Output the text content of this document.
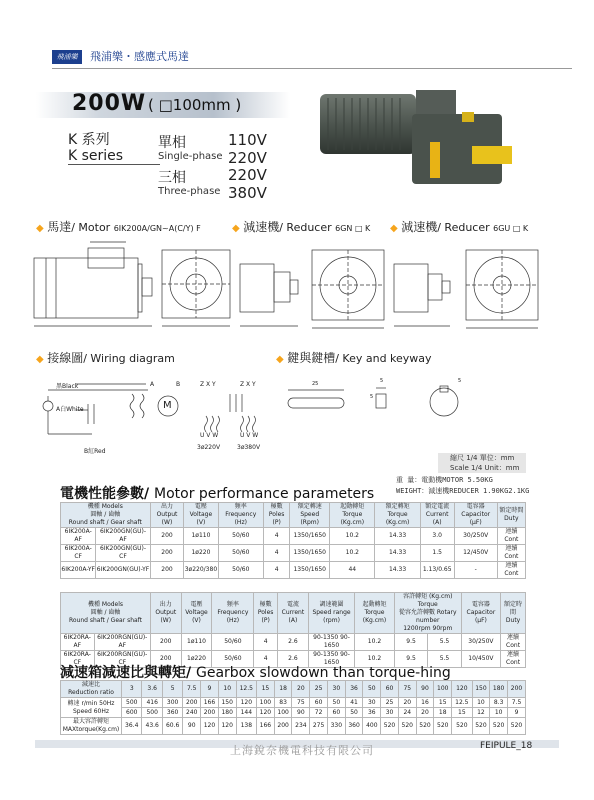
飛浦樂	飛浦樂・感應式馬達
200W ( □100mm )
K 系列
K series
單相
Single-phase
三相
Three-phase
110V
220V
220V
380V
◆ 馬達/ Motor 6IK200A/GN~A(C/Y) F	◆ 減速機/ Reducer 6GN □ K ◆ 減速機/ Reducer 6GU □ K
◆ 接線圖/ Wiring diagram	◆ 鍵與鍵槽/ Key and keyway
黑Black
A白White
B紅Red
A	B
M
Z X Y	Z X Y
U V W	U V W
3ø220V	3ø380V
25	5
5
5
縮尺 1/4 單位：mm
Scale 1/4 Unit：mm
重 量：電動機MOTOR 5.50KG
WEIGHT：減速機REDUCER 1.90KG2.1KG
電機性能參數/ Motor performance parameters
機種 Models
圓軸 / 齒軸
Round shaft / Gear shaft		出力
Output (W)	電壓
Voltage (V)	頻率
Frequency (Hz)	極數
Poles (P)	額定轉速
Speed (Rpm)	起動轉矩
Torque (Kg.cm)	額定轉矩
Torque (Kg.cm)	額定電流
Current (A)	電容器
Capacitor (μF)	額定時間
Duty
6IK200A-AF	6IK200GN(GU)-AF	200	1ø110	50/60	4	1350/1650	10.2	14.33	3.0	30/250V	連續 Cont
6IK200A-CF	6IK200GN(GU)-CF	200	1ø220	50/60	4	1350/1650	10.2	14.33	1.5	12/450V	連續 Cont
6IK200A-YF	6IK200GN(GU)-YF	200	3ø220/380	50/60	4	1350/1650	44	14.33	1.13/0.65	-	連續 Cont
機種 Models
圓軸 / 齒軸
Round shaft / Gear shaft		出力
Output (W)	電壓
Voltage (V)	頻率
Frequency (Hz)	極數
Poles (P)	電流
Current (A)	調速範圍
Speed range (rpm)	起動轉矩
Torque (Kg.cm)	容許轉矩 (Kg.cm) Torque
從容允許轉數 Rotary number
1200rpm 90rpm		電容器
Capacitor (μF)	額定時間
Duty
6IK20RA-AF	6IK200RGN(GU)-AF	200	1ø110	50/60	4	2.6	90-1350 90-1650	10.2	9.5	5.5	30/250V	連續 Cont
6IK20RA-CF	6IK200RGN(GU)-CF	200	1ø220	50/60	4	2.6	90-1350 90-1650	10.2	9.5	5.5	10/450V	連續 Cont
減速箱減速比與轉矩/ Gearbox slowdown than torque-hing
減速比
Reduction ratio	3	3.6	5	7.5	9	10	12.5	15	18	20	25	30	36	50	60	75	90	100	120	150	180	200
轉速 r/min 50Hz
Speed 60Hz	500	416	300	200	166	150	120	100	83	75	60	50	41	30	25	20	16	15	12.5	10	8.3	7.5
	600	500	360	240	200	180	144	120	100	90	72	60	50	36	30	24	20	18	15	12	10	9
最大容許轉矩
MAXtorque(Kg.cm)	36.4	43.6	60.6	90	120	120	138	166	200	234	275	330	360	400	520	520	520	520	520	520	520	520
上海銳奈機電科技有限公司	FEIPULE_18
